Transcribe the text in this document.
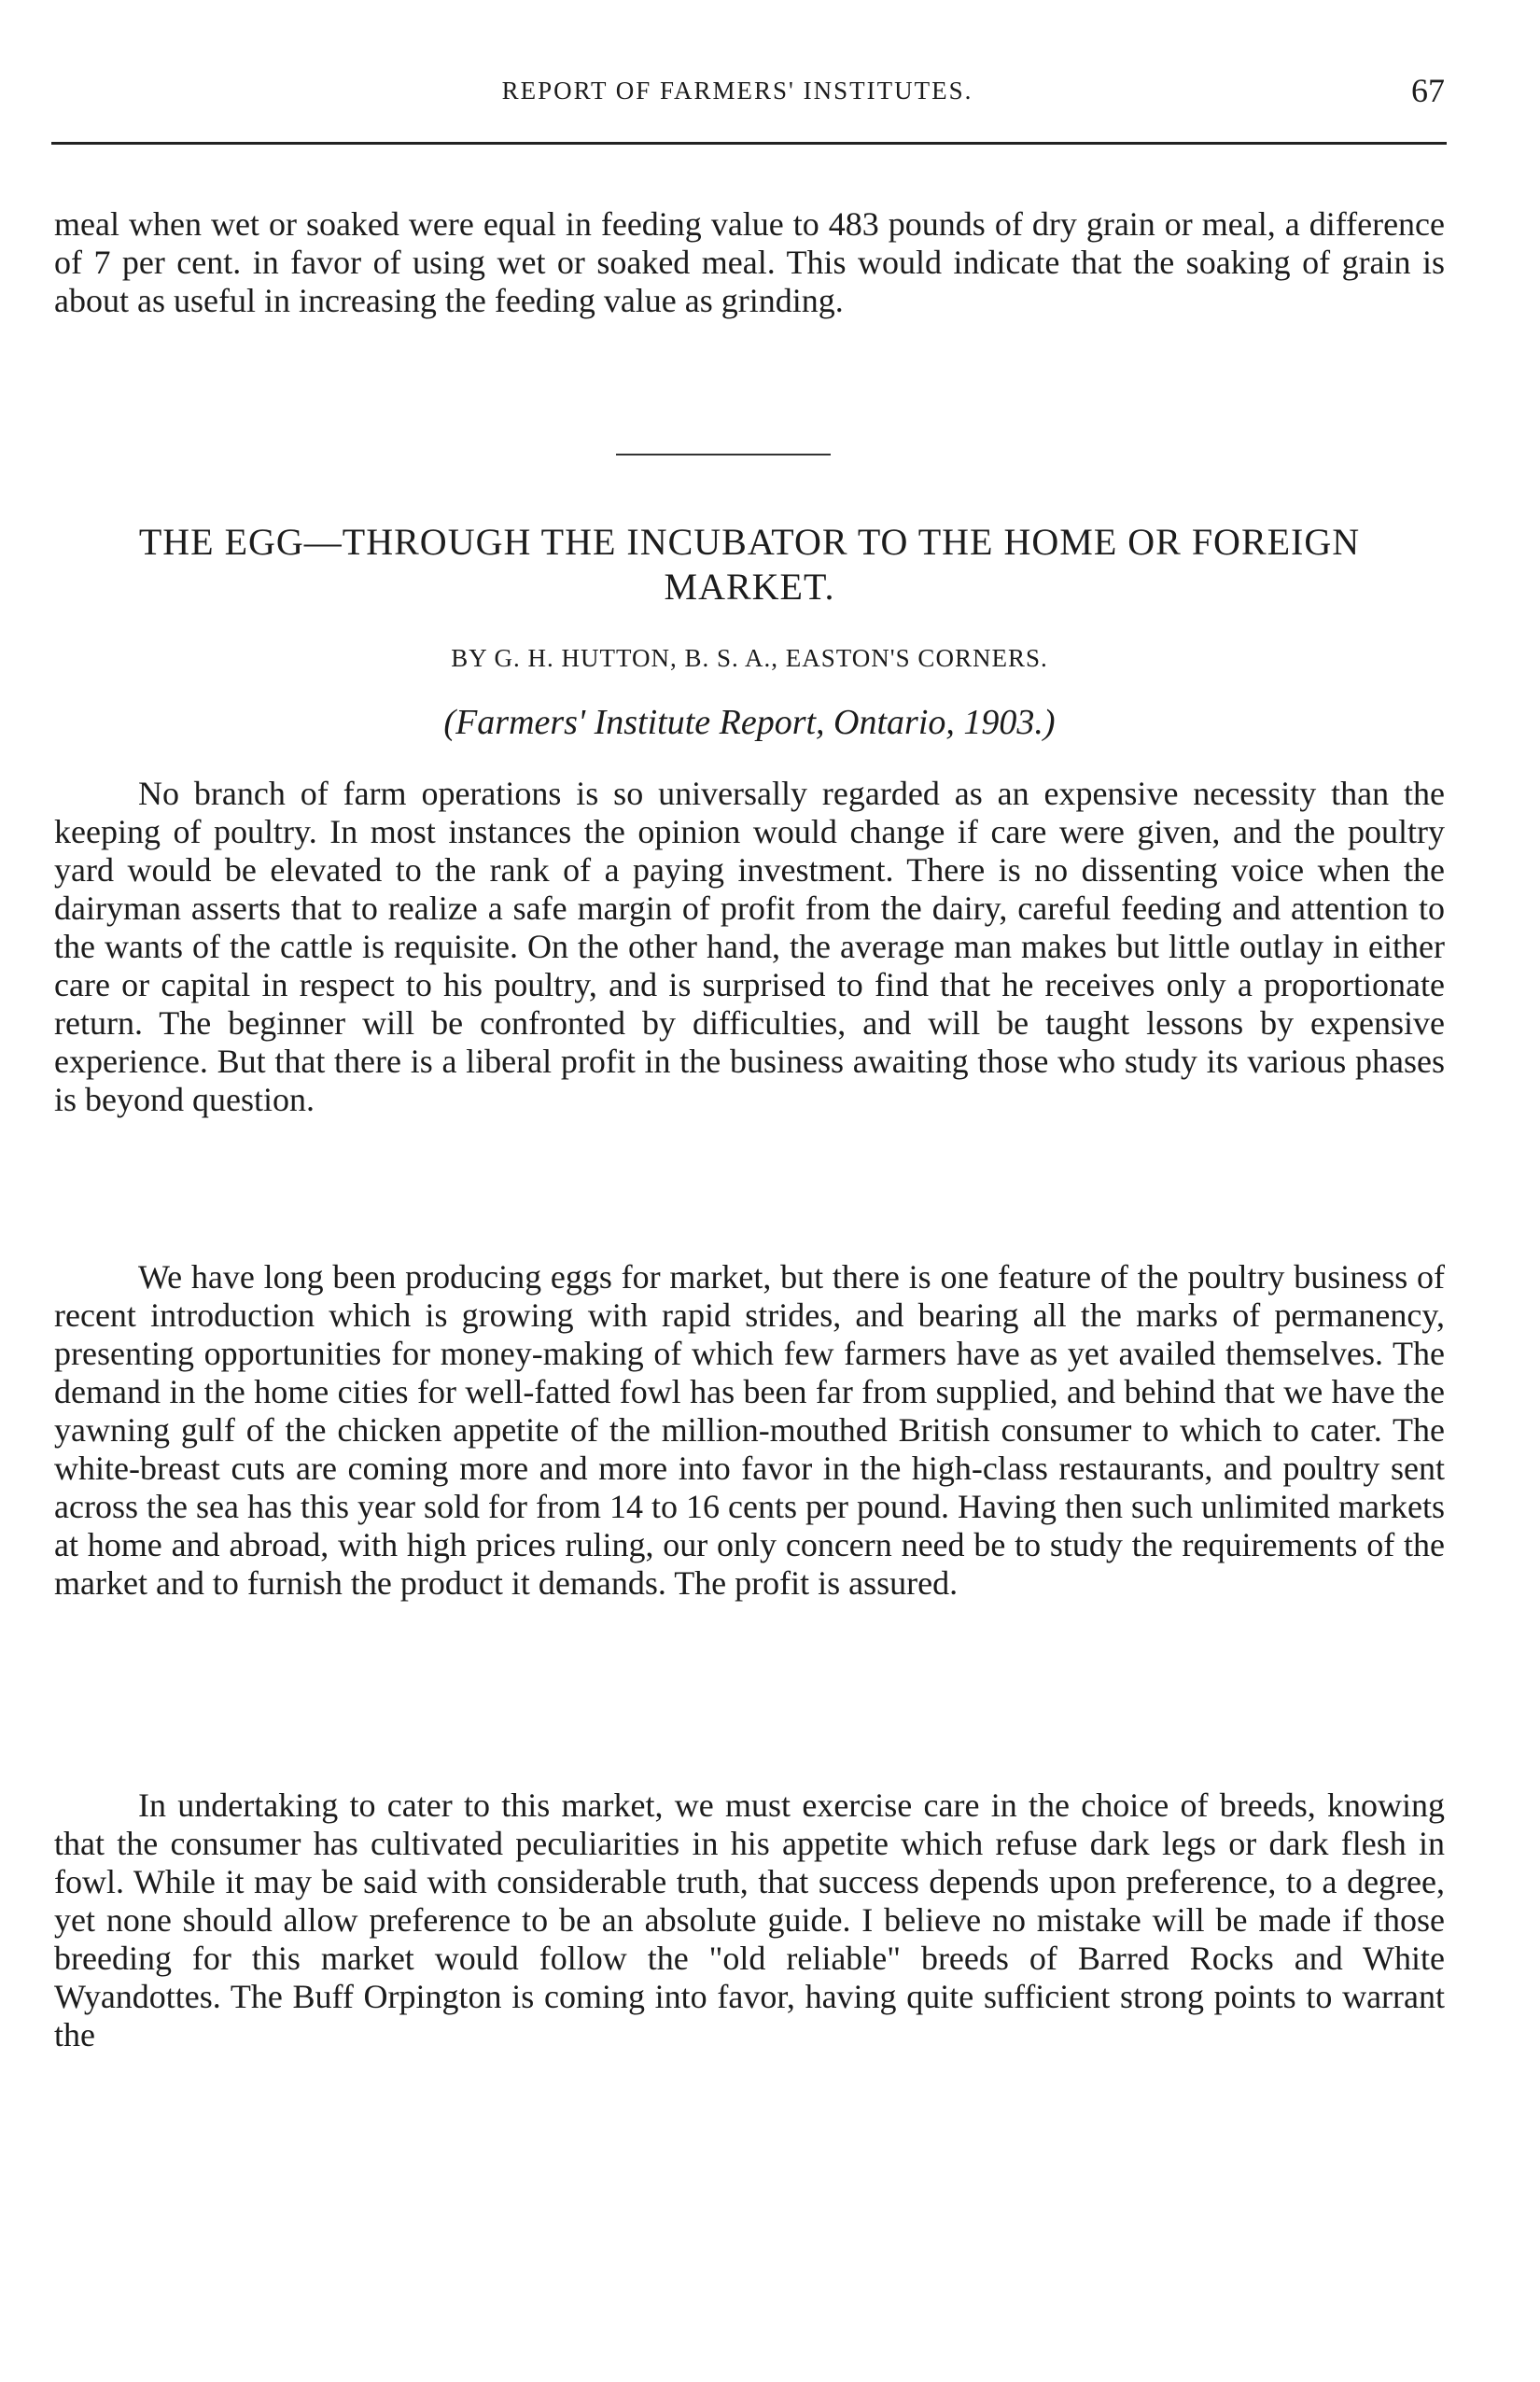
REPORT OF FARMERS' INSTITUTES.	67

meal when wet or soaked were equal in feeding value to 483 pounds of dry grain or meal, a difference of 7 per cent. in favor of using wet or soaked meal. This would indicate that the soaking of grain is about as useful in increasing the feeding value as grinding.

THE EGG—THROUGH THE INCUBATOR TO THE HOME OR FOREIGN MARKET.
BY G. H. HUTTON, B. S. A., EASTON'S CORNERS.
(Farmers' Institute Report, Ontario, 1903.)

No branch of farm operations is so universally regarded as an expensive necessity than the keeping of poultry. In most instances the opinion would change if care were given, and the poultry yard would be elevated to the rank of a paying investment. There is no dissenting voice when the dairyman asserts that to realize a safe margin of profit from the dairy, careful feeding and attention to the wants of the cattle is requisite. On the other hand, the average man makes but little outlay in either care or capital in respect to his poultry, and is surprised to find that he receives only a proportionate return. The beginner will be confronted by difficulties, and will be taught lessons by expensive experience. But that there is a liberal profit in the business awaiting those who study its various phases is beyond question.

We have long been producing eggs for market, but there is one feature of the poultry business of recent introduction which is growing with rapid strides, and bearing all the marks of permanency, presenting opportunities for money-making of which few farmers have as yet availed themselves. The demand in the home cities for well-fatted fowl has been far from supplied, and behind that we have the yawning gulf of the chicken appetite of the million-mouthed British consumer to which to cater. The white-breast cuts are coming more and more into favor in the high-class restaurants, and poultry sent across the sea has this year sold for from 14 to 16 cents per pound. Having then such unlimited markets at home and abroad, with high prices ruling, our only concern need be to study the requirements of the market and to furnish the product it demands. The profit is assured.

In undertaking to cater to this market, we must exercise care in the choice of breeds, knowing that the consumer has cultivated peculiarities in his appetite which refuse dark legs or dark flesh in fowl. While it may be said with considerable truth, that success depends upon preference, to a degree, yet none should allow preference to be an absolute guide. I believe no mistake will be made if those breeding for this market would follow the "old reliable" breeds of Barred Rocks and White Wyandottes. The Buff Orpington is coming into favor, having quite sufficient strong points to warrant the
